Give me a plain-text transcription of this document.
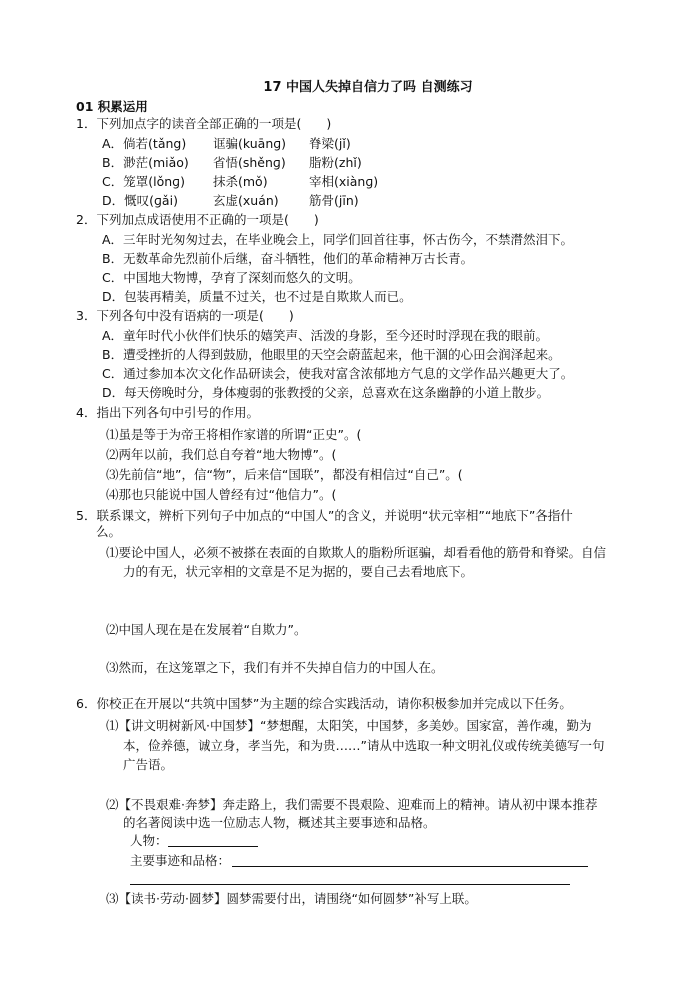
17 中国人失掉自信力了吗 自测练习
01 积累运用
1．下列加点字的读音全部正确的一项是(　　)
A．倘若(tǎng) 诓骗(kuānɡ) 脊梁(jǐ)
B．渺茫(miǎo) 省悟(shěnɡ) 脂粉(zhǐ)
C．笼罩(lǒnɡ) 抹杀(mǒ)	宰相(xiànɡ)
D．慨叹(ɡǎi)	玄虚(xuán) 筋骨(jīn)
2．下列加点成语使用不正确的一项是(　　)
A．三年时光匆匆过去，在毕业晚会上，同学们回首往事，怀古伤今，不禁潸然泪下。
B．无数革命先烈前仆后继，奋斗牺牲，他们的革命精神万古长青。
C．中国地大物博，孕育了深刻而悠久的文明。
D．包装再精美，质量不过关，也不过是自欺欺人而已。
3．下列各句中没有语病的一项是(　　)
A．童年时代小伙伴们快乐的嬉笑声、活泼的身影，至今还时时浮现在我的眼前。
B．遭受挫折的人得到鼓励，他眼里的天空会蔚蓝起来，他干涸的心田会润泽起来。
C．通过参加本次文化作品研读会，使我对富含浓郁地方气息的文学作品兴趣更大了。
D．每天傍晚时分，身体瘦弱的张教授的父亲，总喜欢在这条幽静的小道上散步。
4．指出下列各句中引号的作用。
⑴虽是等于为帝王将相作家谱的所谓“正史”。(
⑵两年以前，我们总自夸着“地大物博”。(
⑶先前信“地”，信“物”，后来信“国联”，都没有相信过“自己”。(
⑷那也只能说中国人曾经有过“他信力”。(
5．联系课文，辨析下列句子中加点的“中国人”的含义，并说明“状元宰相”“地底下”各指什
么。
⑴要论中国人，必须不被搽在表面的自欺欺人的脂粉所诓骗，却看看他的筋骨和脊梁。自信
力的有无，状元宰相的文章是不足为据的，要自己去看地底下。
⑵中国人现在是在发展着“自欺力”。
⑶然而，在这笼罩之下，我们有并不失掉自信力的中国人在。
6．你校正在开展以“共筑中国梦”为主题的综合实践活动，请你积极参加并完成以下任务。
⑴【讲文明树新风·中国梦】“梦想醒，太阳笑，中国梦，多美妙。国家富，善作魂，勤为
本，俭养德，诚立身，孝当先，和为贵……”请从中选取一种文明礼仪或传统美德写一句
广告语。
⑵【不畏艰难·奔梦】奔走路上，我们需要不畏艰险、迎难而上的精神。请从初中课本推荐
的名著阅读中选一位励志人物，概述其主要事迹和品格。
人物：
主要事迹和品格：
⑶【读书·劳动·圆梦】圆梦需要付出，请围绕“如何圆梦”补写上联。
